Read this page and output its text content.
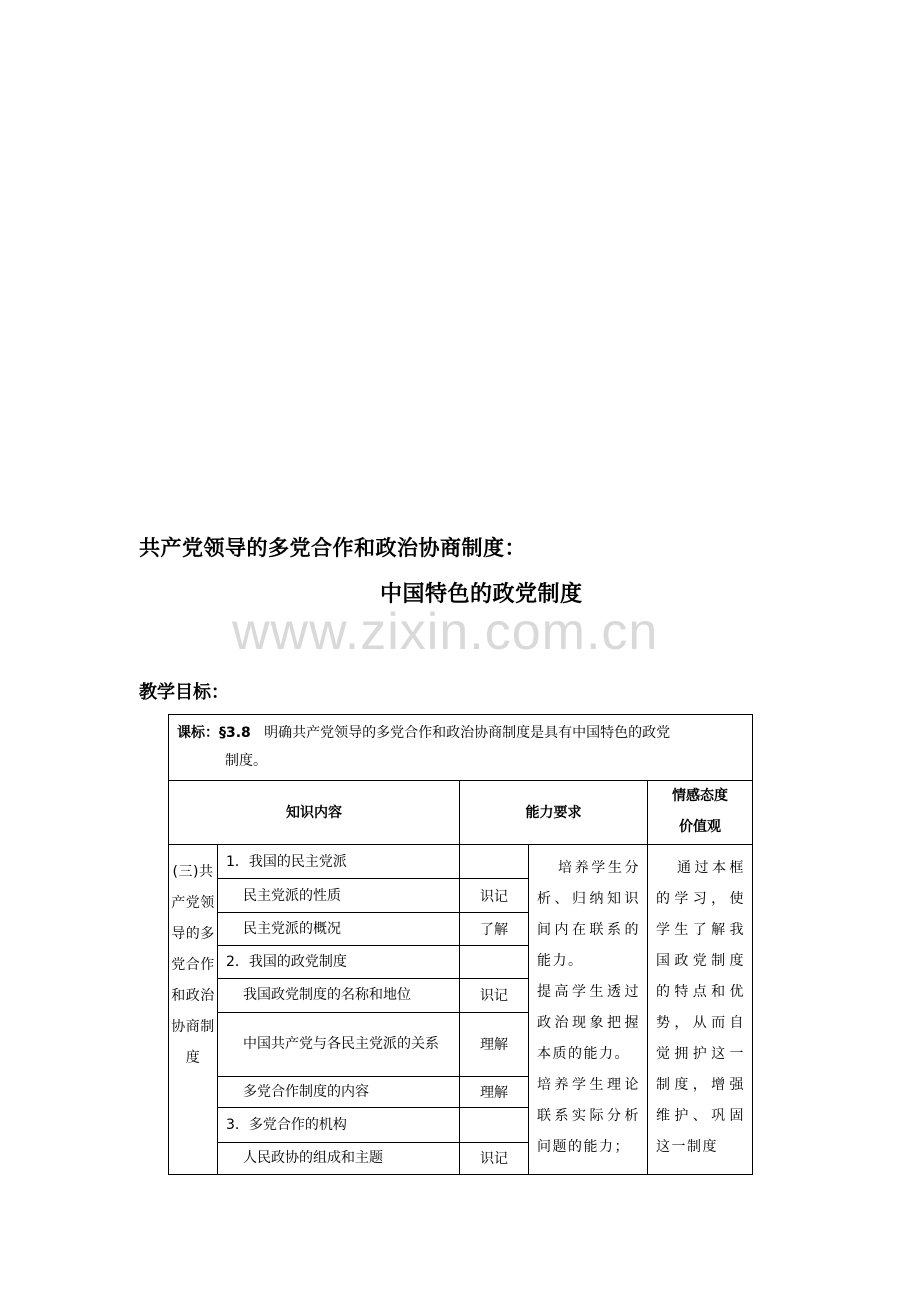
共产党领导的多党合作和政治协商制度：
中国特色的政党制度
www.zixin.com.cn
教学目标：
课标：§3.8 明确共产党领导的多党合作和政治协商制度是具有中国特色的政党
制度。				

知识内容		能力要求		情感态度
价值观

(三)共产党领导的多党合作和政治协商制度	1．我国的民主党派		培养学生分析、归纳知识间内在联系的能力。
提高学生透过政治现象把握本质的能力。
培养学生理论联系实际分析问题的能力；	通过本框的学习，使学生了解我国政党制度的特点和优势，从而自觉拥护这一制度，增强维护、巩固这一制度
	民主党派的性质	识记		
	民主党派的概况	了解		
	2．我国的政党制度			
	我国政党制度的名称和地位	识记		
	中国共产党与各民主党派的关系	理解		
	多党合作制度的内容	理解		
	3．多党合作的机构			
	人民政协的组成和主题	识记		
